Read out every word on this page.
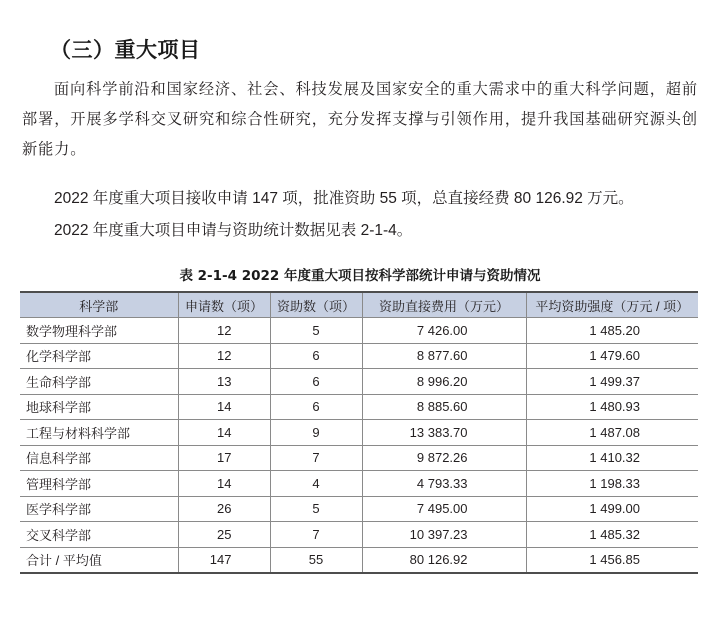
（三）重大项目
面向科学前沿和国家经济、社会、科技发展及国家安全的重大需求中的重大科学问题，超前部署，开展多学科交叉研究和综合性研究，充分发挥支撑与引领作用，提升我国基础研究源头创新能力。
2022 年度重大项目接收申请 147 项，批准资助 55 项，总直接经费 80 126.92 万元。
2022 年度重大项目申请与资助统计数据见表 2-1-4。
表 2-1-4 2022 年度重大项目按科学部统计申请与资助情况
科学部	申请数（项）	资助数（项）	资助直接费用（万元）	平均资助强度（万元 / 项）
数学物理科学部	12	5	7 426.00	1 485.20
化学科学部	12	6	8 877.60	1 479.60
生命科学部	13	6	8 996.20	1 499.37
地球科学部	14	6	8 885.60	1 480.93
工程与材料科学部	14	9	13 383.70	1 487.08
信息科学部	17	7	9 872.26	1 410.32
管理科学部	14	4	4 793.33	1 198.33
医学科学部	26	5	7 495.00	1 499.00
交叉科学部	25	7	10 397.23	1 485.32
合计 / 平均值	147	55	80 126.92	1 456.85
